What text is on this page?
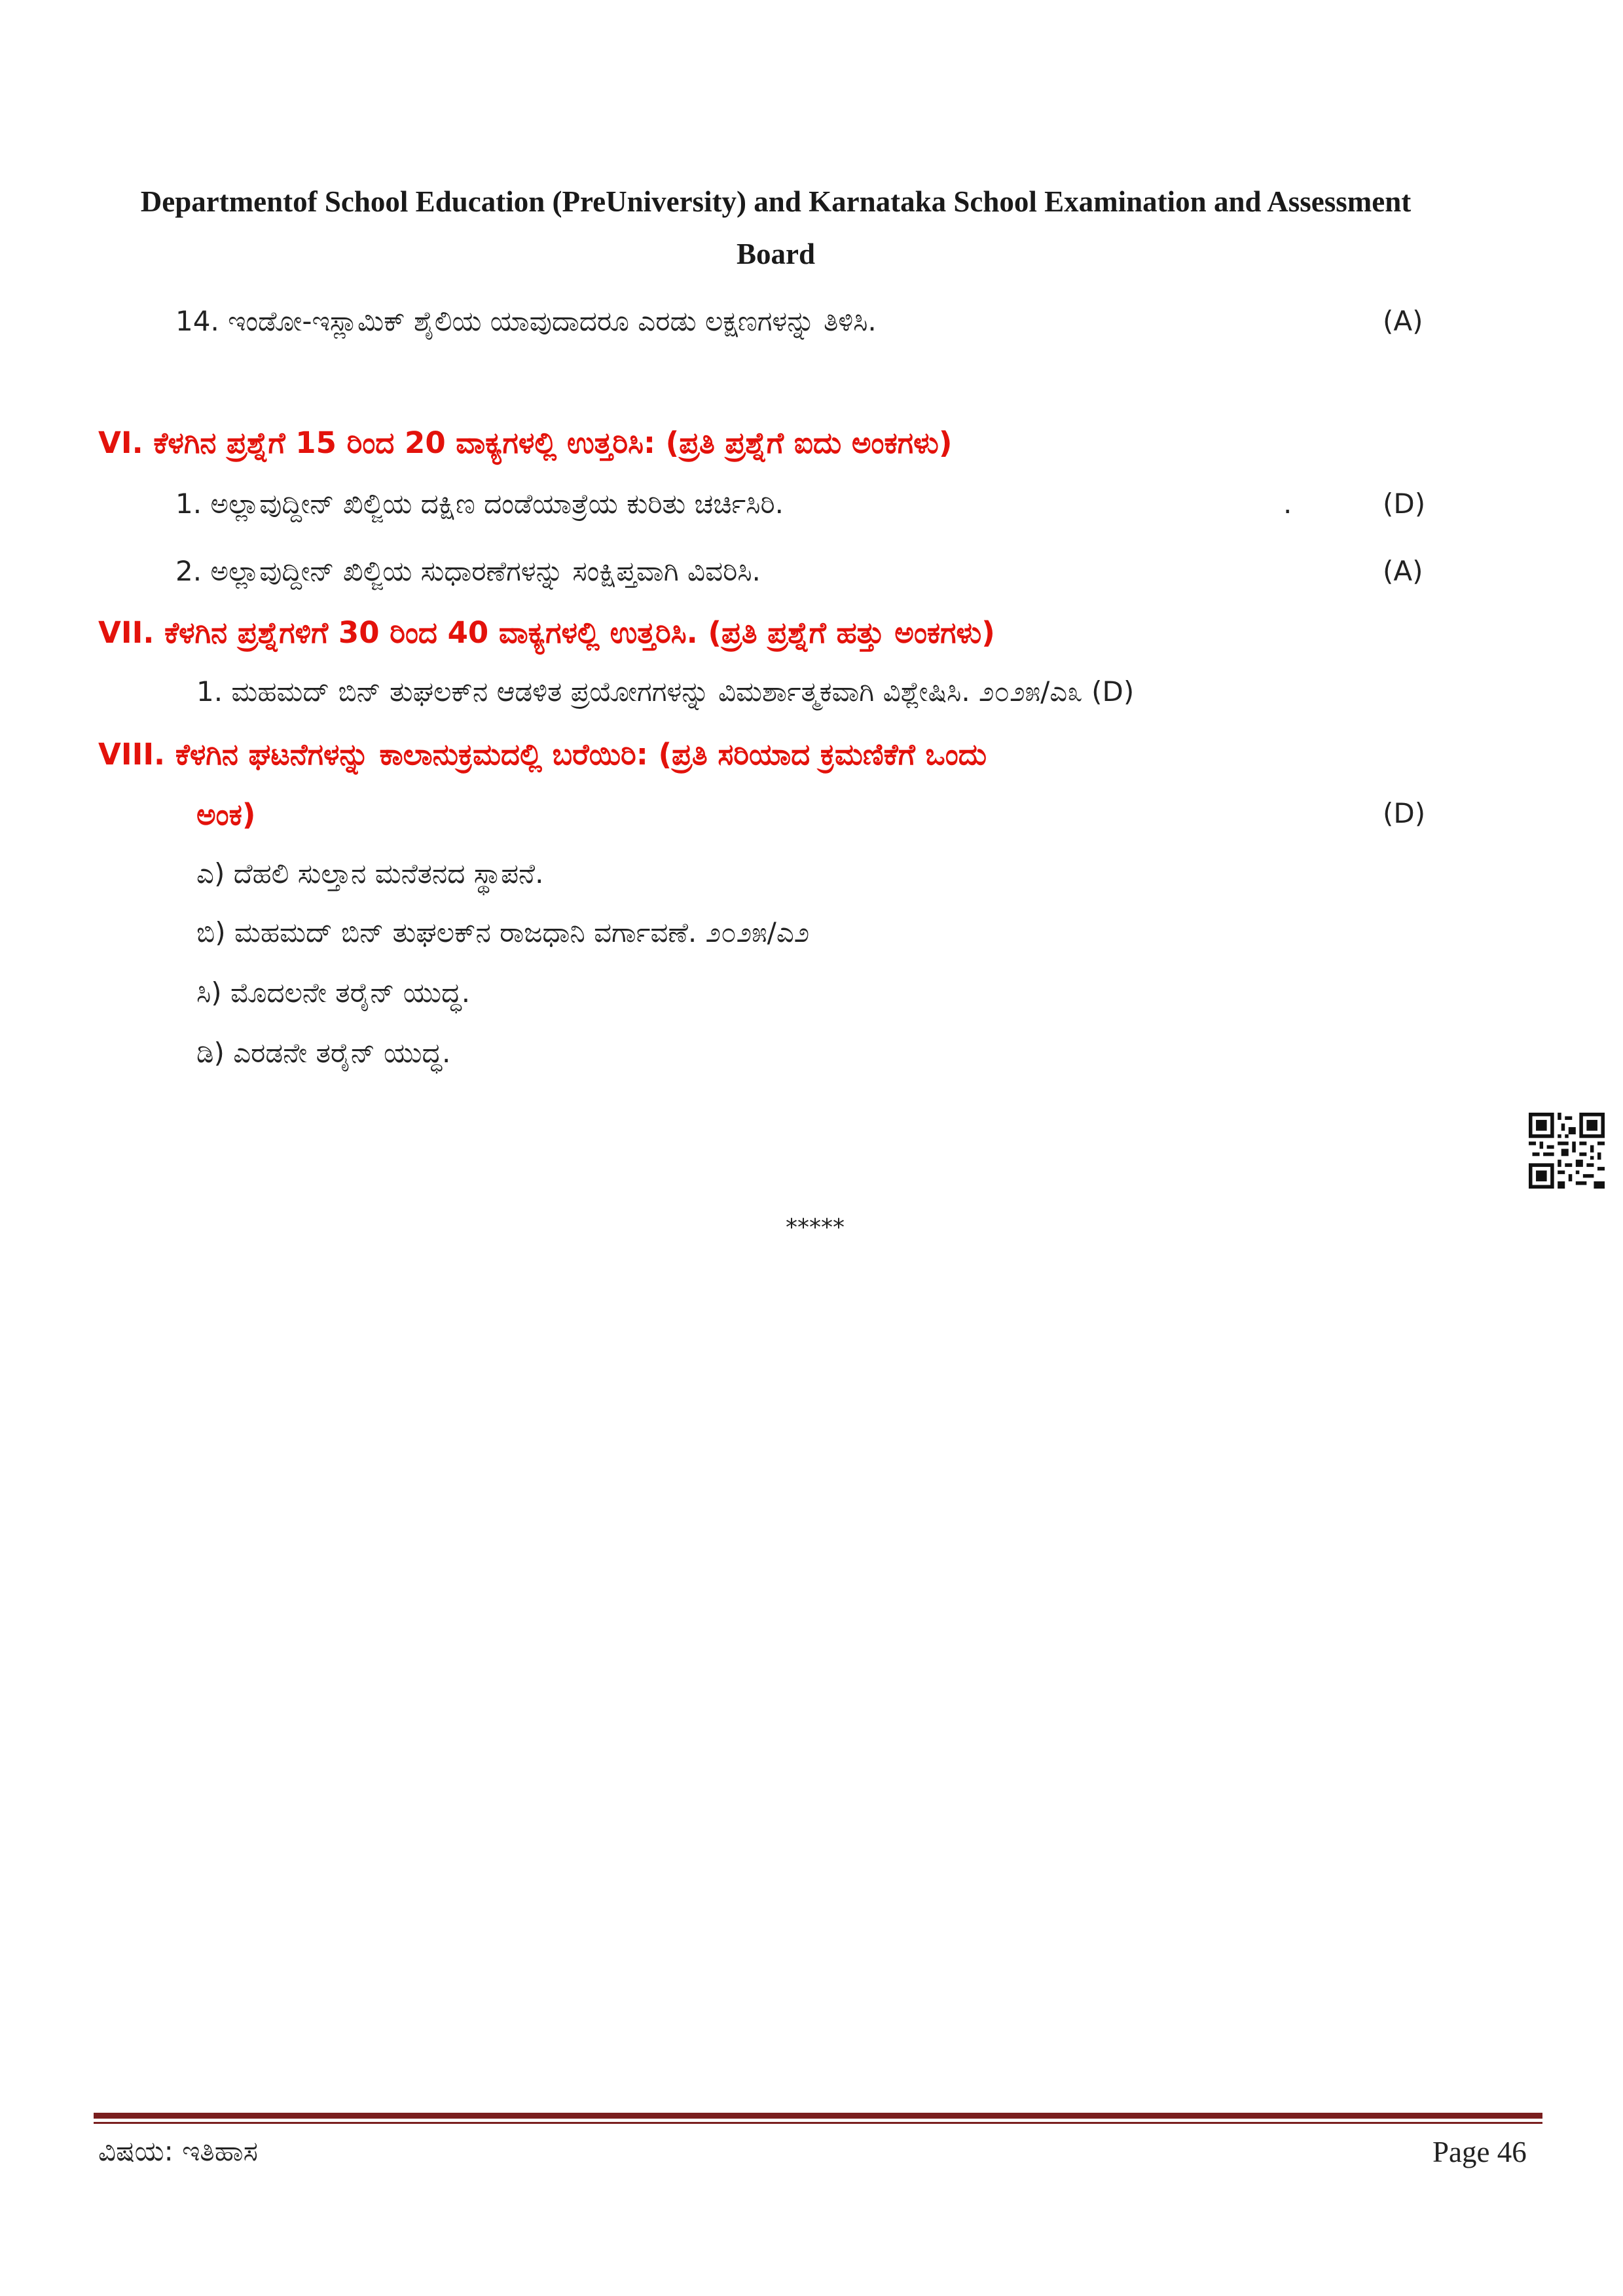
Departmentof School Education (PreUniversity) and Karnataka School Examination and Assessment
Board
14. ಇಂಡೋ-ಇಸ್ಲಾಮಿಕ್ ಶೈಲಿಯ ಯಾವುದಾದರೂ ಎರಡು ಲಕ್ಷಣಗಳನ್ನು ತಿಳಿಸಿ.	(A)
VI. ಕೆಳಗಿನ ಪ್ರಶ್ನೆಗೆ 15 ರಿಂದ 20 ವಾಕ್ಯಗಳಲ್ಲಿ ಉತ್ತರಿಸಿ: (ಪ್ರತಿ ಪ್ರಶ್ನೆಗೆ ಐದು ಅಂಕಗಳು)
1. ಅಲ್ಲಾವುದ್ದೀನ್ ಖಿಲ್ಜಿಯ ದಕ್ಷಿಣ ದಂಡೆಯಾತ್ರೆಯ ಕುರಿತು ಚರ್ಚಿಸಿರಿ.	.	(D)
2. ಅಲ್ಲಾವುದ್ದೀನ್ ಖಿಲ್ಜಿಯ ಸುಧಾರಣೆಗಳನ್ನು ಸಂಕ್ಷಿಪ್ತವಾಗಿ ವಿವರಿಸಿ.	(A)
VII. ಕೆಳಗಿನ ಪ್ರಶ್ನೆಗಳಿಗೆ 30 ರಿಂದ 40 ವಾಕ್ಯಗಳಲ್ಲಿ ಉತ್ತರಿಸಿ. (ಪ್ರತಿ ಪ್ರಶ್ನೆಗೆ ಹತ್ತು ಅಂಕಗಳು)
1. ಮಹಮದ್ ಬಿನ್ ತುಘಲಕ್‌ನ ಆಡಳಿತ ಪ್ರಯೋಗಗಳನ್ನು ವಿಮರ್ಶಾತ್ಮಕವಾಗಿ ವಿಶ್ಲೇಷಿಸಿ. ೨೦೨೫/ಎ೩ (D)
VIII. ಕೆಳಗಿನ ಘಟನೆಗಳನ್ನು ಕಾಲಾನುಕ್ರಮದಲ್ಲಿ ಬರೆಯಿರಿ: (ಪ್ರತಿ ಸರಿಯಾದ ಕ್ರಮಣಿಕೆಗೆ ಒಂದು
ಅಂಕ)	(D)
ಎ) ದೆಹಲಿ ಸುಲ್ತಾನ ಮನೆತನದ ಸ್ಥಾಪನೆ.
ಬಿ) ಮಹಮದ್ ಬಿನ್ ತುಘಲಕ್‌ನ ರಾಜಧಾನಿ ವರ್ಗಾವಣೆ. ೨೦೨೫/ಎ೨
ಸಿ) ಮೊದಲನೇ ತರೈನ್ ಯುದ್ಧ.
ಡಿ) ಎರಡನೇ ತರೈನ್ ಯುದ್ಧ.
*****
ವಿಷಯ: ಇತಿಹಾಸ	Page 46
